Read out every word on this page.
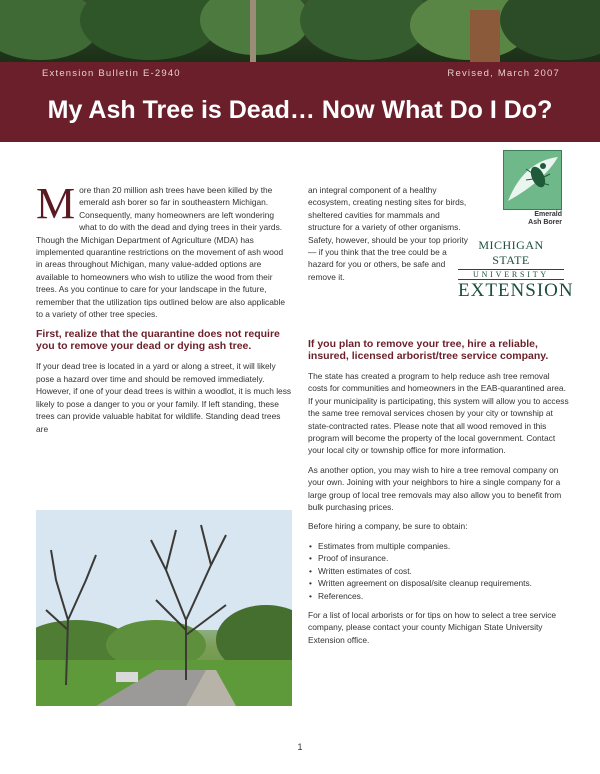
Extension Bulletin E-2940	Revised, March 2007
My Ash Tree is Dead… Now What Do I Do?
Emerald
Ash Borer
MICHIGAN STATE
UNIVERSITY
EXTENSION

More than 20 million ash trees have been killed by the emerald ash borer so far in southeastern Michigan. Consequently, many homeowners are left wondering what to do with the dead and dying trees in their yards. Though the Michigan Department of Agriculture (MDA) has implemented quarantine restrictions on the movement of ash wood in areas throughout Michigan, many value-added options are available to homeowners who wish to utilize the wood from their trees. As you continue to care for your landscape in the future, remember that the utilization tips outlined below are also applicable to a variety of other tree species.

First, realize that the quarantine does not require you to remove your dead or dying ash tree.

If your dead tree is located in a yard or along a street, it will likely pose a hazard over time and should be removed immediately. However, if one of your dead trees is within a woodlot, it is much less likely to pose a danger to you or your family. If left standing, these trees can provide valuable habitat for wildlife. Standing dead trees are

an integral component of a healthy ecosystem, creating nesting sites for birds, sheltered cavities for mammals and structure for a variety of other organisms. Safety, however, should be your top priority — if you think that the tree could be a hazard for you or others, be safe and remove it.

If you plan to remove your tree, hire a reliable, insured, licensed arborist/tree service company.

The state has created a program to help reduce ash tree removal costs for communities and homeowners in the EAB-quarantined area. If your municipality is participating, this system will allow you to access the same tree removal services chosen by your city or township at state-contracted rates. Please note that all wood removed in this program will become the property of the local government. Contact your local city or township office for more information.

As another option, you may wish to hire a tree removal company on your own. Joining with your neighbors to hire a single company for a large group of local tree removals may also allow you to benefit from bulk purchasing prices.

Before hiring a company, be sure to obtain:

• Estimates from multiple companies.
• Proof of insurance.
• Written estimates of cost.
• Written agreement on disposal/site cleanup requirements.
• References.

For a list of local arborists or for tips on how to select a tree service company, please contact your county Michigan State University Extension office.

1
